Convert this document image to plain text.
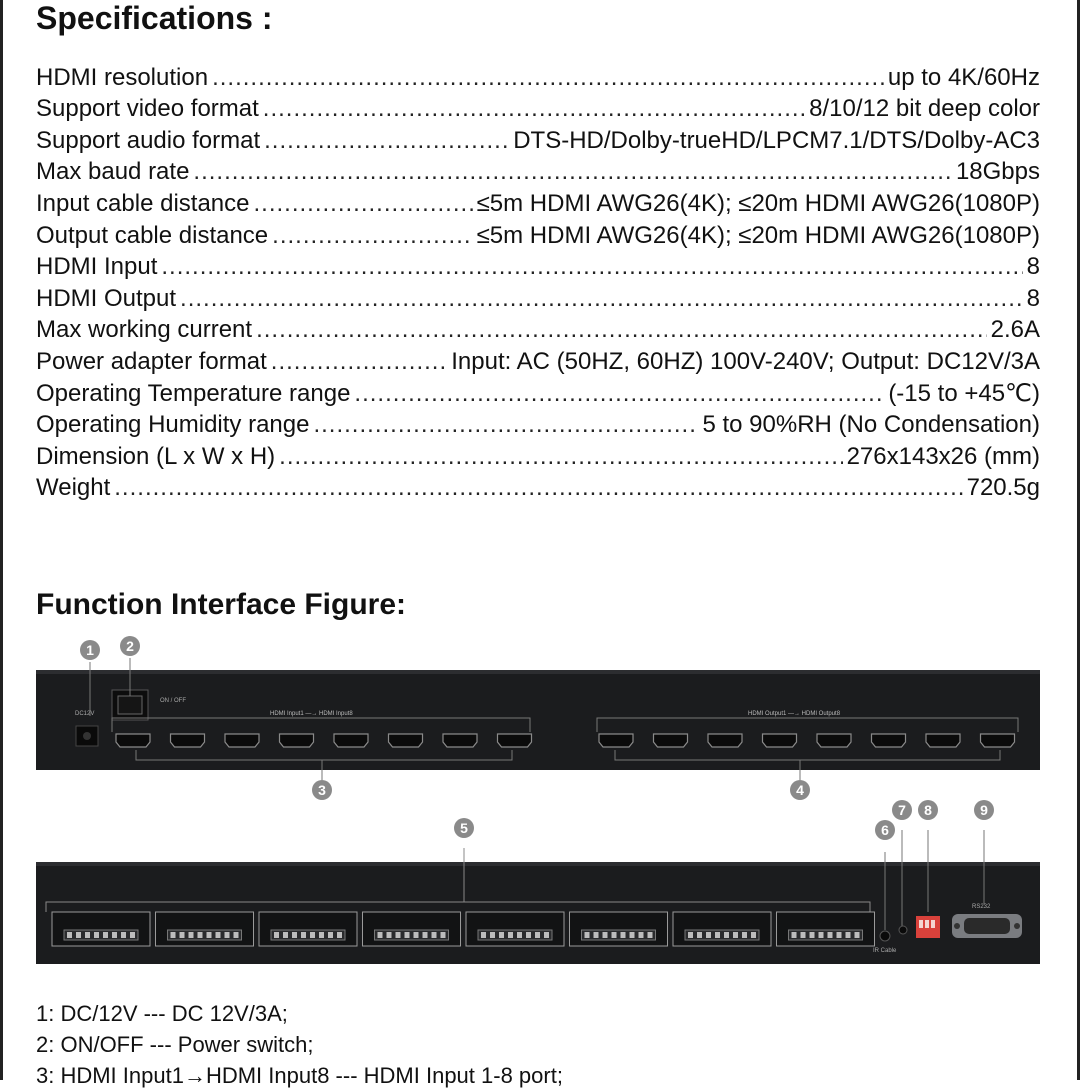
Specifications :
HDMI resolution .....	up to 4K/60Hz
Support video format .....	8/10/12 bit deep color
Support audio format .....	DTS-HD/Dolby-trueHD/LPCM7.1/DTS/Dolby-AC3
Max baud rate .....	18Gbps
Input cable distance .....	≤5m HDMI AWG26(4K); ≤20m HDMI AWG26(1080P)
Output cable distance .....	≤5m HDMI AWG26(4K); ≤20m HDMI AWG26(1080P)
HDMI Input .....	8
HDMI Output .....	8
Max working current .....	2.6A
Power adapter format .....	Input: AC (50HZ, 60HZ) 100V-240V; Output: DC12V/3A
Operating Temperature range .....	(-15 to +45℃)
Operating Humidity range .....	5 to 90%RH (No Condensation)
Dimension (L x W x H) .....	276x143x26 (mm)
Weight .....	720.5g
Function Interface Figure:
DC12V
ON / OFF
HDMI Input1 —→ HDMI Input8	HDMI Output1 —→ HDMI Output8
IR Cable
RS232
1	2
3	4
5	6
7	8	9
1: DC/12V --- DC 12V/3A;
2: ON/OFF --- Power switch;
3: HDMI Input1→HDMI Input8 --- HDMI Input 1-8 port;
